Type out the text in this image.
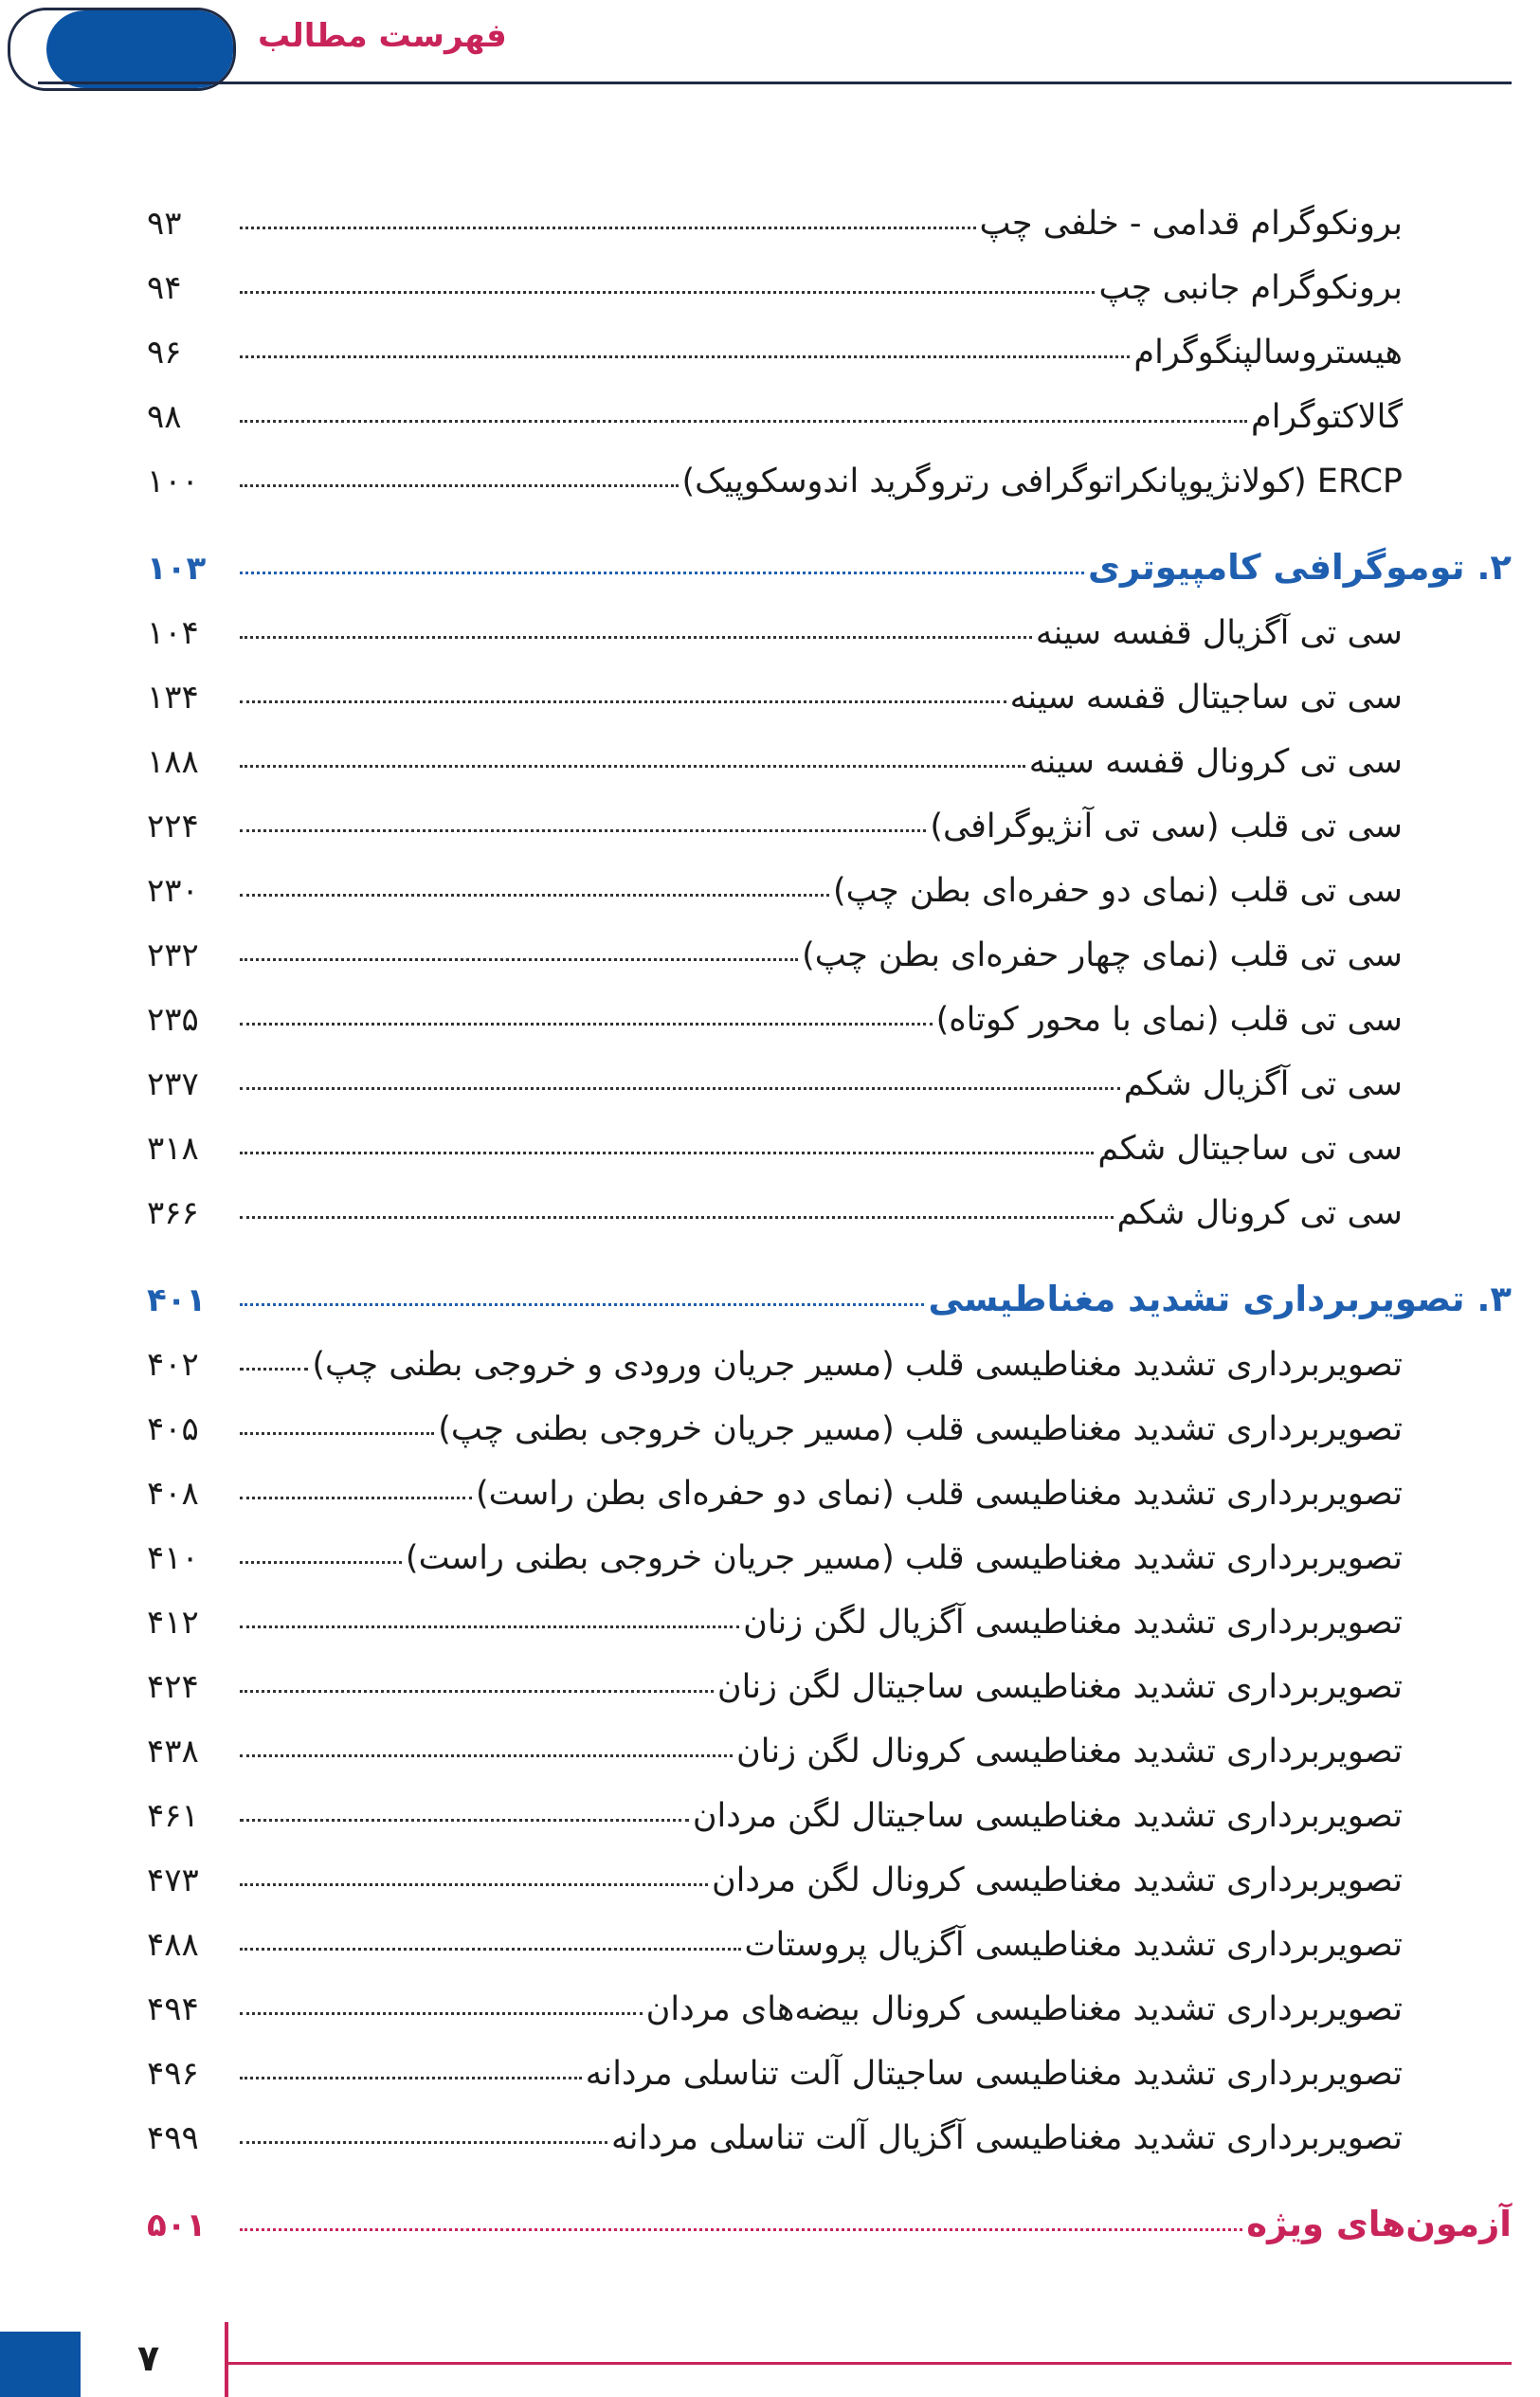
فهرست مطالب
برونکوگرام قدامی - خلفی چپ
۹۳
برونکوگرام جانبی چپ
۹۴
هیستروسالپنگوگرام
۹۶
گالاکتوگرام
۹۸
ERCP (کولانژیوپانکراتوگرافی رتروگرید اندوسکوپیک)
۱۰۰
۲. توموگرافی کامپیوتری
۱۰۳
سی تی آگزیال قفسه سینه
۱۰۴
سی تی ساجیتال قفسه سینه
۱۳۴
سی تی کرونال قفسه سینه
۱۸۸
سی تی قلب (سی تی آنژیوگرافی)
۲۲۴
سی تی قلب (نمای دو حفره‌ای بطن چپ)
۲۳۰
سی تی قلب (نمای چهار حفره‌ای بطن چپ)
۲۳۲
سی تی قلب (نمای با محور کوتاه)
۲۳۵
سی تی آگزیال شکم
۲۳۷
سی تی ساجیتال شکم
۳۱۸
سی تی کرونال شکم
۳۶۶
۳. تصویربرداری تشدید مغناطیسی
۴۰۱
تصویربرداری تشدید مغناطیسی قلب (مسیر جریان ورودی و خروجی بطنی چپ)
۴۰۲
تصویربرداری تشدید مغناطیسی قلب (مسیر جریان خروجی بطنی چپ)
۴۰۵
تصویربرداری تشدید مغناطیسی قلب (نمای دو حفره‌ای بطن راست)
۴۰۸
تصویربرداری تشدید مغناطیسی قلب (مسیر جریان خروجی بطنی راست)
۴۱۰
تصویربرداری تشدید مغناطیسی آگزیال لگن زنان
۴۱۲
تصویربرداری تشدید مغناطیسی ساجیتال لگن زنان
۴۲۴
تصویربرداری تشدید مغناطیسی کرونال لگن زنان
۴۳۸
تصویربرداری تشدید مغناطیسی ساجیتال لگن مردان
۴۶۱
تصویربرداری تشدید مغناطیسی کرونال لگن مردان
۴۷۳
تصویربرداری تشدید مغناطیسی آگزیال پروستات
۴۸۸
تصویربرداری تشدید مغناطیسی کرونال بیضه‌های مردان
۴۹۴
تصویربرداری تشدید مغناطیسی ساجیتال آلت تناسلی مردانه
۴۹۶
تصویربرداری تشدید مغناطیسی آگزیال آلت تناسلی مردانه
۴۹۹
آزمون‌های ویژه
۵۰۱
۷
